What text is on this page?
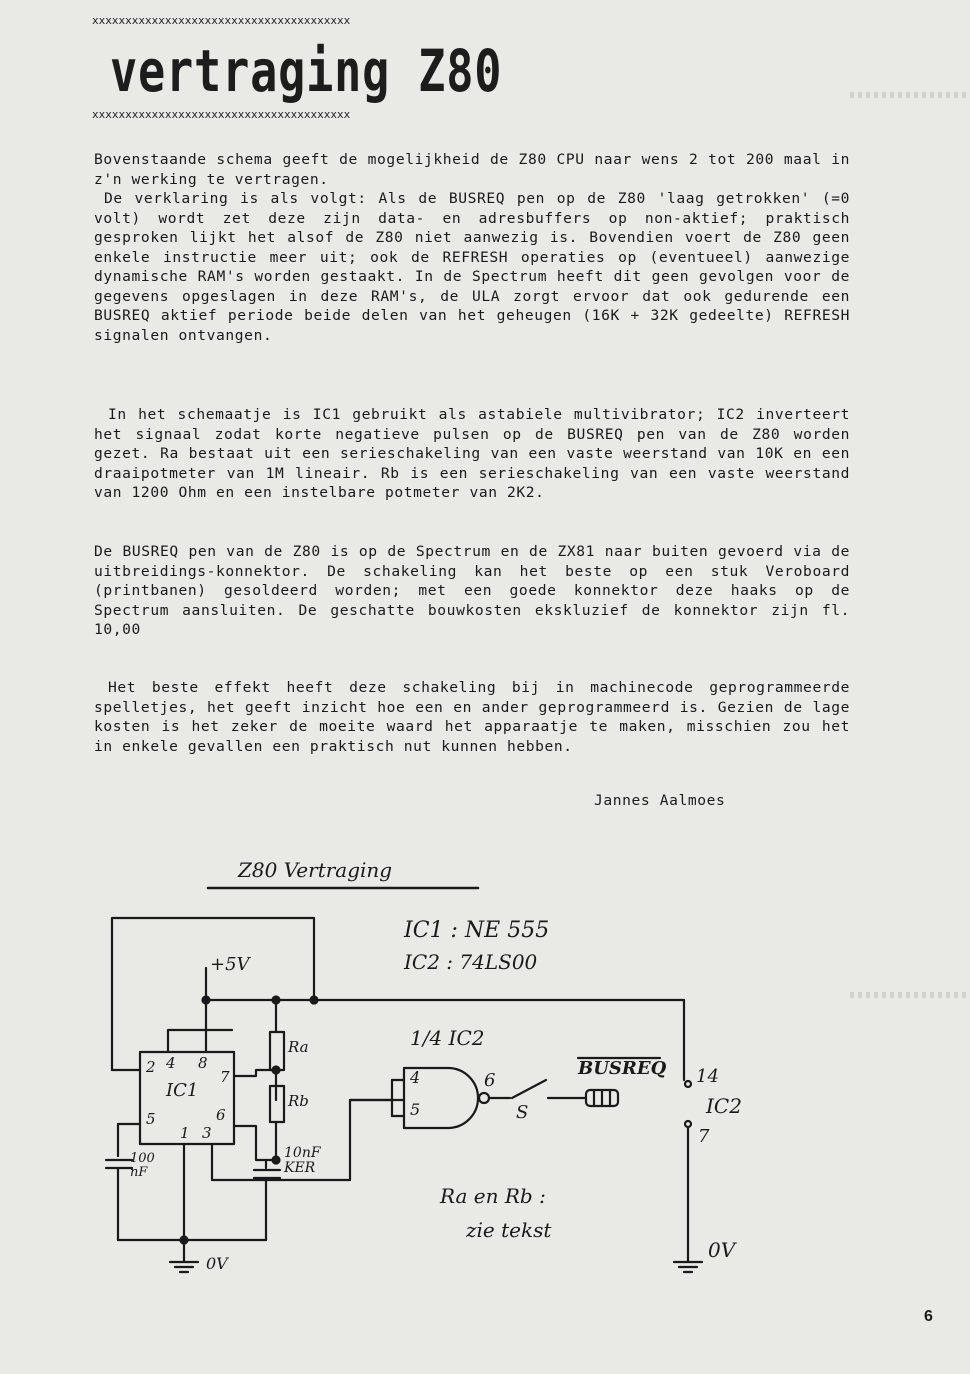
xxxxxxxxxxxxxxxxxxxxxxxxxxxxxxxxxxxxxxx
vertraging Z80
xxxxxxxxxxxxxxxxxxxxxxxxxxxxxxxxxxxxxxx

Bovenstaande schema geeft de mogelijkheid de Z80 CPU naar wens 2 tot 200 maal in z'n werking te vertragen.

De verklaring is als volgt: Als de BUSREQ pen op de Z80 'laag getrokken' (=0 volt) wordt zet deze zijn data- en adresbuffers op non-aktief; praktisch gesproken lijkt het alsof de Z80 niet aanwezig is. Bovendien voert de Z80 geen enkele instructie meer uit; ook de REFRESH operaties op (eventueel) aanwezige dynamische RAM's worden gestaakt. In de Spectrum heeft dit geen gevolgen voor de gegevens opgeslagen in deze RAM's, de ULA zorgt ervoor dat ook gedurende een BUSREQ aktief periode beide delen van het geheugen (16K + 32K gedeelte) REFRESH signalen ontvangen.

In het schemaatje is IC1 gebruikt als astabiele multivibrator; IC2 inverteert het signaal zodat korte negatieve pulsen op de BUSREQ pen van de Z80 worden gezet. Ra bestaat uit een serieschakeling van een vaste weerstand van 10K en een draaipotmeter van 1M lineair. Rb is een serieschakeling van een vaste weerstand van 1200 Ohm en een instelbare potmeter van 2K2.

De BUSREQ pen van de Z80 is op de Spectrum en de ZX81 naar buiten gevoerd via de uitbreidings-konnektor. De schakeling kan het beste op een stuk Veroboard (printbanen) gesoldeerd worden; met een goede konnektor deze haaks op de Spectrum aansluiten. De geschatte bouwkosten ekskluzief de konnektor zijn fl. 10,00

Het beste effekt heeft deze schakeling bij in machinecode geprogrammeerde spelletjes, het geeft inzicht hoe een en ander geprogrammeerd is. Gezien de lage kosten is het zeker de moeite waard het apparaatje te maken, misschien zou het in enkele gevallen een praktisch nut kunnen hebben.

Jannes Aalmoes
Z80 Vertraging
IC1 : NE 555
IC2 : 74LS00
+5V
IC1
2 4 8
7
5	6
1 3
Ra
Rb
100 nF
10nF KER
0V
0V
1/4 IC2
4
5
6
S
BUSREQ 14
IC2
7
Ra en Rb :
zie tekst
6
